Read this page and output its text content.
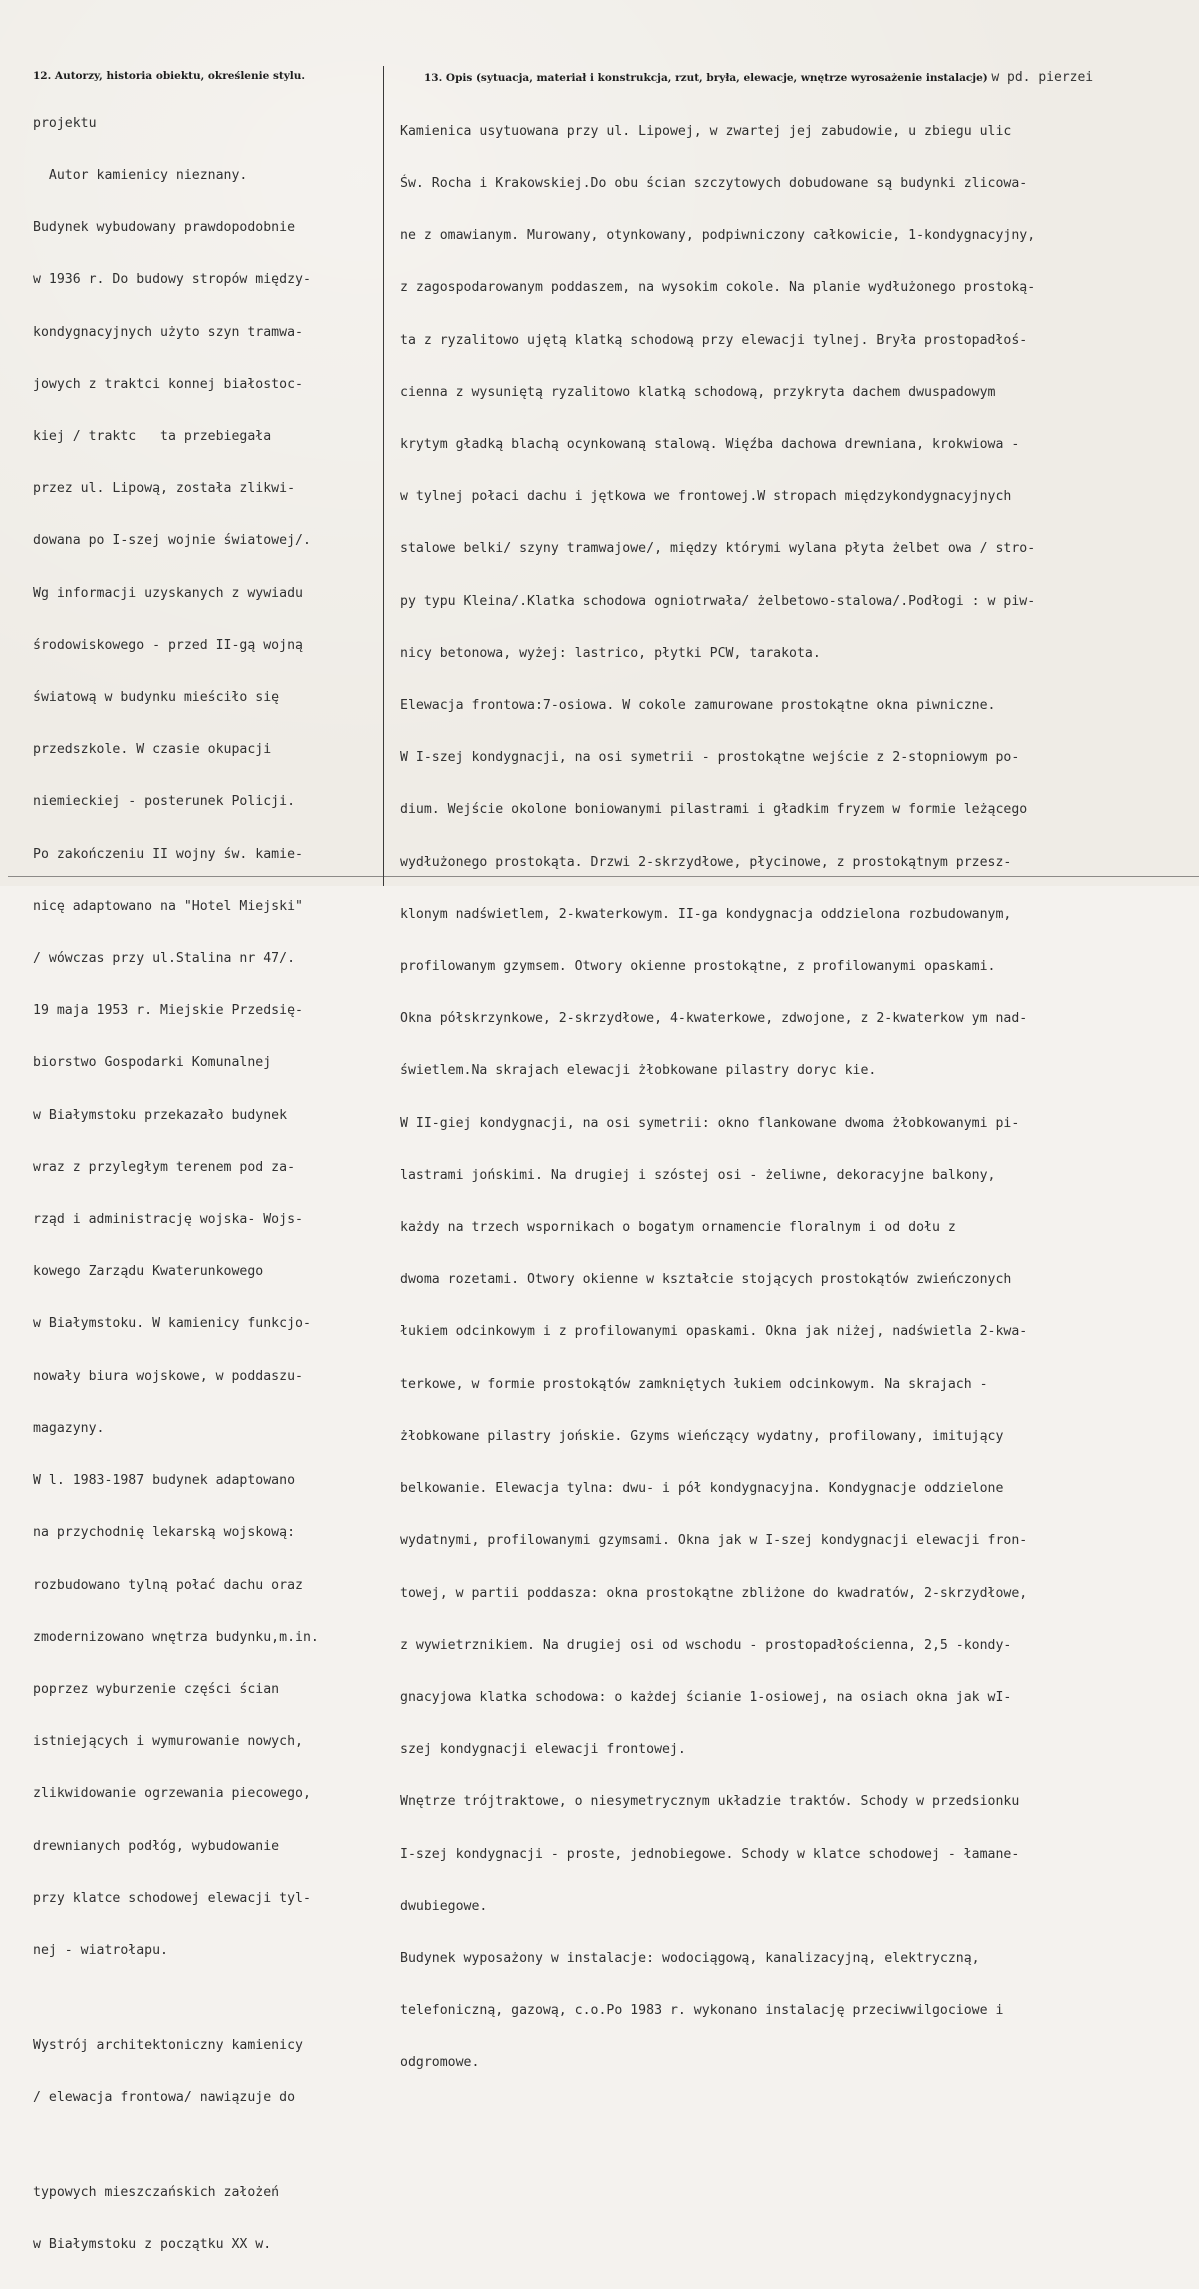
12. Autorzy, historia obiektu, określenie stylu.	13. Opis (sytuacja, materiał i konstrukcja, rzut, bryła, elewacje, wnętrze wyrosażenie instalacje) w pd. pierzei

projektu

Autor kamienicy nieznany.

Budynek wybudowany prawdopodobnie

w 1936 r. Do budowy stropów między-

kondygnacyjnych użyto szyn tramwa-

jowych z traktci konnej białostoc-

kiej / traktc   ta przebiegała

przez ul. Lipową, została zlikwi-

dowana po I-szej wojnie światowej/.

Wg informacji uzyskanych z wywiadu

środowiskowego - przed II-gą wojną

światową w budynku mieściło się

przedszkole. W czasie okupacji

niemieckiej - posterunek Policji.

Po zakończeniu II wojny św. kamie-

nicę adaptowano na "Hotel Miejski"

/ wówczas przy ul.Stalina nr 47/.

19 maja 1953 r. Miejskie Przedsię-

biorstwo Gospodarki Komunalnej

w Białymstoku przekazało budynek

wraz z przyległym terenem pod za-

rząd i administrację wojska- Wojs-

kowego Zarządu Kwaterunkowego

w Białymstoku. W kamienicy funkcjo-

nowały biura wojskowe, w poddaszu-

magazyny.

W l. 1983-1987 budynek adaptowano

na przychodnię lekarską wojskową:

rozbudowano tylną połać dachu oraz

zmodernizowano wnętrza budynku,m.in.

poprzez wyburzenie części ścian

istniejących i wymurowanie nowych,

zlikwidowanie ogrzewania piecowego,

drewnianych podłóg, wybudowanie

przy klatce schodowej elewacji tyl-

nej - wiatrołapu.

Wystrój architektoniczny kamienicy

/ elewacja frontowa/ nawiązuje do

typowych mieszczańskich założeń

w Białymstoku z początku XX w.

Kamienica usytuowana przy ul. Lipowej, w zwartej jej zabudowie, u zbiegu ulic

Św. Rocha i Krakowskiej.Do obu ścian szczytowych dobudowane są budynki zlicowa-

ne z omawianym. Murowany, otynkowany, podpiwniczony całkowicie, 1-kondygnacyjny,

z zagospodarowanym poddaszem, na wysokim cokole. Na planie wydłużonego prostoką-

ta z ryzalitowo ujętą klatką schodową przy elewacji tylnej. Bryła prostopadłoś-

cienna z wysuniętą ryzalitowo klatką schodową, przykryta dachem dwuspadowym

krytym gładką blachą ocynkowaną stalową. Więźba dachowa drewniana, krokwiowa -

w tylnej połaci dachu i jętkowa we frontowej.W stropach międzykondygnacyjnych

stalowe belki/ szyny tramwajowe/, między którymi wylana płyta żelbet owa / stro-

py typu Kleina/.Klatka schodowa ogniotrwała/ żelbetowo-stalowa/.Podłogi : w piw-

nicy betonowa, wyżej: lastrico, płytki PCW, tarakota.

Elewacja frontowa:7-osiowa. W cokole zamurowane prostokątne okna piwniczne.

W I-szej kondygnacji, na osi symetrii - prostokątne wejście z 2-stopniowym po-

dium. Wejście okolone boniowanymi pilastrami i gładkim fryzem w formie leżącego

wydłużonego prostokąta. Drzwi 2-skrzydłowe, płycinowe, z prostokątnym przesz-

klonym nadświetlem, 2-kwaterkowym. II-ga kondygnacja oddzielona rozbudowanym,

profilowanym gzymsem. Otwory okienne prostokątne, z profilowanymi opaskami.

Okna półskrzynkowe, 2-skrzydłowe, 4-kwaterkowe, zdwojone, z 2-kwaterkow ym nad-

świetlem.Na skrajach elewacji żłobkowane pilastry doryc kie.

W II-giej kondygnacji, na osi symetrii: okno flankowane dwoma żłobkowanymi pi-

lastrami jońskimi. Na drugiej i szóstej osi - żeliwne, dekoracyjne balkony,

każdy na trzech wspornikach o bogatym ornamencie floralnym i od dołu z

dwoma rozetami. Otwory okienne w kształcie stojących prostokątów zwieńczonych

łukiem odcinkowym i z profilowanymi opaskami. Okna jak niżej, nadświetla 2-kwa-

terkowe, w formie prostokątów zamkniętych łukiem odcinkowym. Na skrajach -

żłobkowane pilastry jońskie. Gzyms wieńczący wydatny, profilowany, imitujący

belkowanie. Elewacja tylna: dwu- i pół kondygnacyjna. Kondygnacje oddzielone

wydatnymi, profilowanymi gzymsami. Okna jak w I-szej kondygnacji elewacji fron-

towej, w partii poddasza: okna prostokątne zbliżone do kwadratów, 2-skrzydłowe,

z wywietrznikiem. Na drugiej osi od wschodu - prostopadłościenna, 2,5 -kondy-

gnacyjowa klatka schodowa: o każdej ścianie 1-osiowej, na osiach okna jak wI-

szej kondygnacji elewacji frontowej.

Wnętrze trójtraktowe, o niesymetrycznym układzie traktów. Schody w przedsionku

I-szej kondygnacji - proste, jednobiegowe. Schody w klatce schodowej - łamane-

dwubiegowe.

Budynek wyposażony w instalacje: wodociągową, kanalizacyjną, elektryczną,

telefoniczną, gazową, c.o.Po 1983 r. wykonano instalację przeciwwilgociowe i

odgromowe.
